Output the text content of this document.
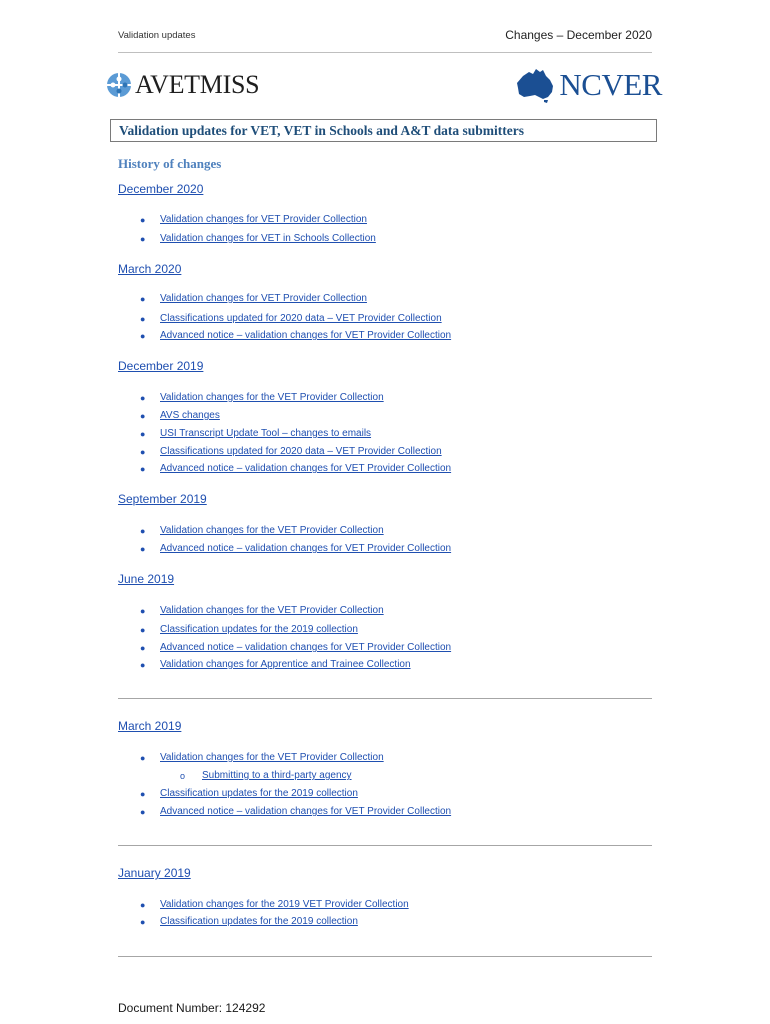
Validation updates	Changes – December 2020
AVETMISS	NCVER
Validation updates for VET, VET in Schools and A&T data submitters
History of changes
December 2020
● Validation changes for VET Provider Collection
● Validation changes for VET in Schools Collection
March 2020
● Validation changes for VET Provider Collection
● Classifications updated for 2020 data – VET Provider Collection
● Advanced notice – validation changes for VET Provider Collection
December 2019
● Validation changes for the VET Provider Collection
● AVS changes
● USI Transcript Update Tool – changes to emails
● Classifications updated for 2020 data – VET Provider Collection
● Advanced notice – validation changes for VET Provider Collection
September 2019
● Validation changes for the VET Provider Collection
● Advanced notice – validation changes for VET Provider Collection
June 2019
● Validation changes for the VET Provider Collection
● Classification updates for the 2019 collection
● Advanced notice – validation changes for VET Provider Collection
● Validation changes for Apprentice and Trainee Collection
March 2019
● Validation changes for the VET Provider Collection
o Submitting to a third-party agency
● Classification updates for the 2019 collection
● Advanced notice – validation changes for VET Provider Collection
January 2019
● Validation changes for the 2019 VET Provider Collection
● Classification updates for the 2019 collection
Document Number: 124292
